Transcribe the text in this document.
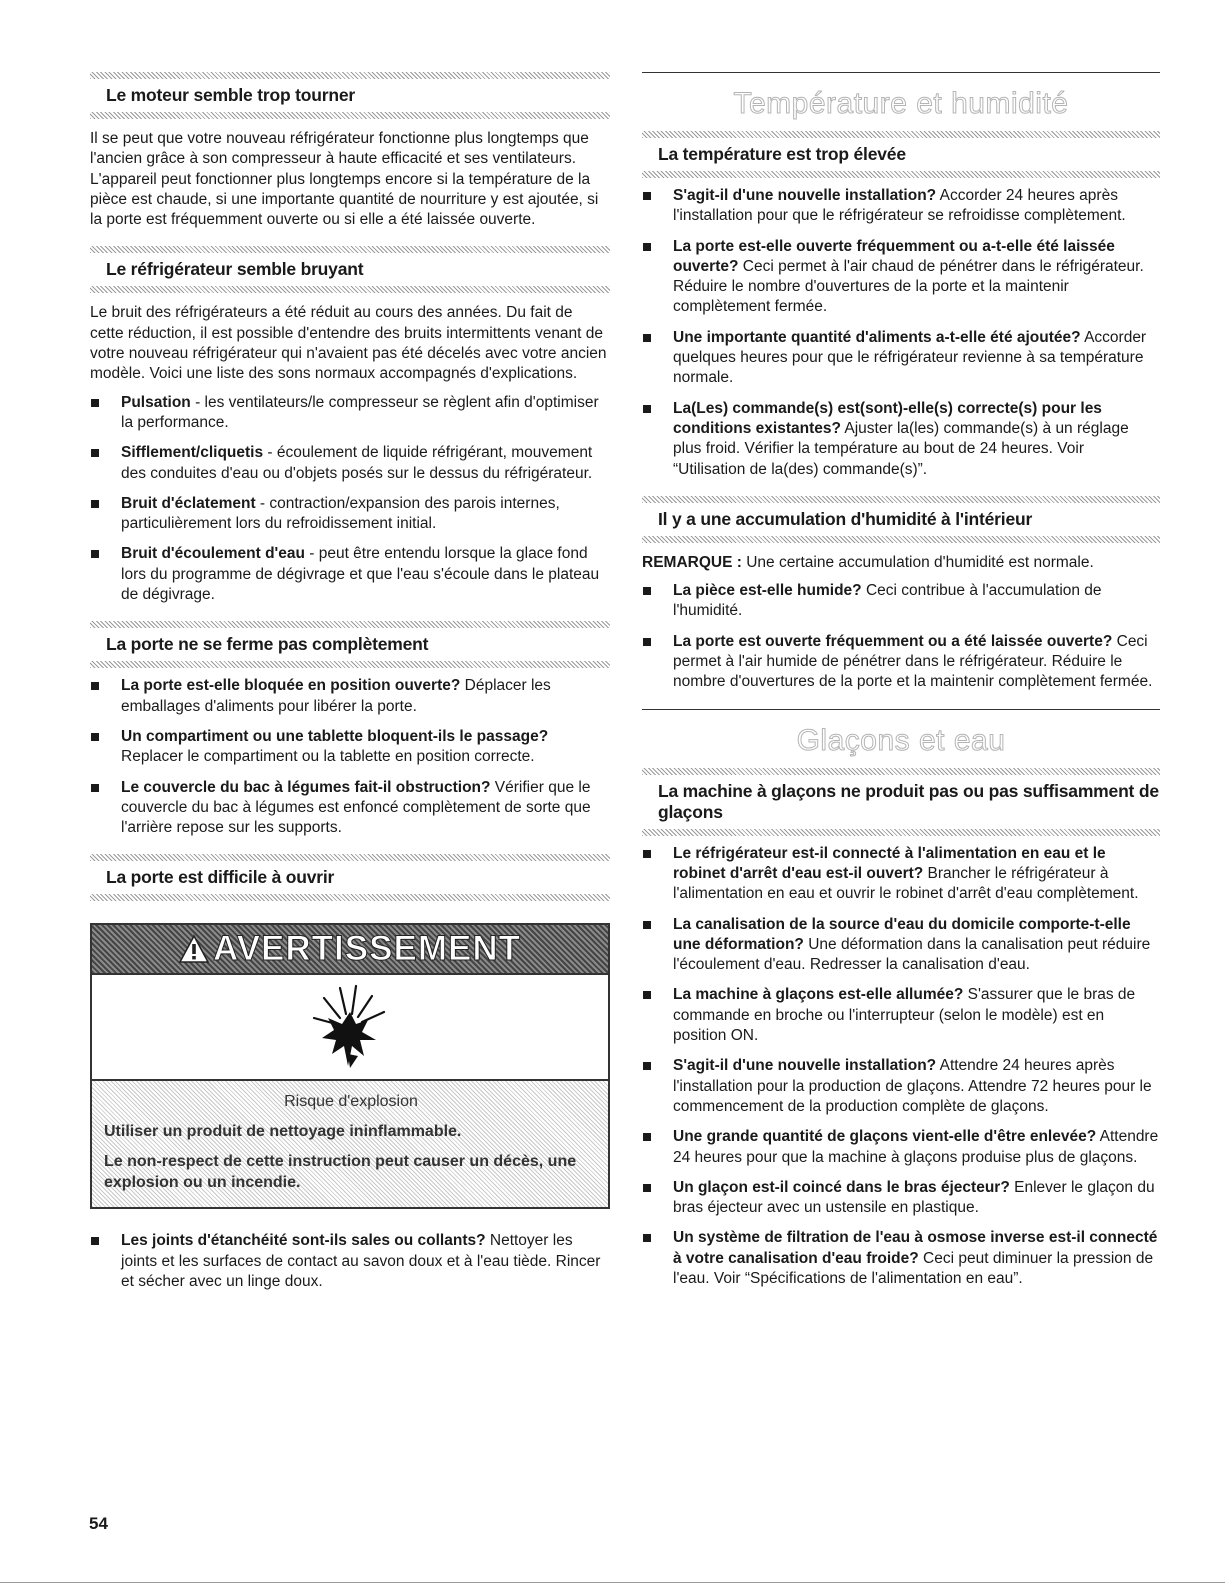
Le moteur semble trop tourner

Il se peut que votre nouveau réfrigérateur fonctionne plus longtemps que l'ancien grâce à son compresseur à haute efficacité et ses ventilateurs. L'appareil peut fonctionner plus longtemps encore si la température de la pièce est chaude, si une importante quantité de nourriture y est ajoutée, si la porte est fréquemment ouverte ou si elle a été laissée ouverte.

Le réfrigérateur semble bruyant

Le bruit des réfrigérateurs a été réduit au cours des années. Du fait de cette réduction, il est possible d'entendre des bruits intermittents venant de votre nouveau réfrigérateur qui n'avaient pas été décelés avec votre ancien modèle. Voici une liste des sons normaux accompagnés d'explications.

Pulsation - les ventilateurs/le compresseur se règlent afin d'optimiser la performance.
Sifflement/cliquetis - écoulement de liquide réfrigérant, mouvement des conduites d'eau ou d'objets posés sur le dessus du réfrigérateur.
Bruit d'éclatement - contraction/expansion des parois internes, particulièrement lors du refroidissement initial.
Bruit d'écoulement d'eau - peut être entendu lorsque la glace fond lors du programme de dégivrage et que l'eau s'écoule dans le plateau de dégivrage.
La porte ne se ferme pas complètement
La porte est-elle bloquée en position ouverte? Déplacer les emballages d'aliments pour libérer la porte.
Un compartiment ou une tablette bloquent-ils le passage? Replacer le compartiment ou la tablette en position correcte.
Le couvercle du bac à légumes fait-il obstruction? Vérifier que le couvercle du bac à légumes est enfoncé complètement de sorte que l'arrière repose sur les supports.
La porte est difficile à ouvrir
AVERTISSEMENT

Risque d'explosion

Utiliser un produit de nettoyage ininflammable.

Le non-respect de cette instruction peut causer un décès, une explosion ou un incendie.

Les joints d'étanchéité sont-ils sales ou collants? Nettoyer les joints et les surfaces de contact au savon doux et à l'eau tiède. Rincer et sécher avec un linge doux.
Température et humidité
La température est trop élevée
S'agit-il d'une nouvelle installation? Accorder 24 heures après l'installation pour que le réfrigérateur se refroidisse complètement.
La porte est-elle ouverte fréquemment ou a-t-elle été laissée ouverte? Ceci permet à l'air chaud de pénétrer dans le réfrigérateur. Réduire le nombre d'ouvertures de la porte et la maintenir complètement fermée.
Une importante quantité d'aliments a-t-elle été ajoutée? Accorder quelques heures pour que le réfrigérateur revienne à sa température normale.
La(Les) commande(s) est(sont)-elle(s) correcte(s) pour les conditions existantes? Ajuster la(les) commande(s) à un réglage plus froid. Vérifier la température au bout de 24 heures. Voir “Utilisation de la(des) commande(s)”.
Il y a une accumulation d'humidité à l'intérieur

REMARQUE : Une certaine accumulation d'humidité est normale.

La pièce est-elle humide? Ceci contribue à l'accumulation de l'humidité.
La porte est ouverte fréquemment ou a été laissée ouverte? Ceci permet à l'air humide de pénétrer dans le réfrigérateur. Réduire le nombre d'ouvertures de la porte et la maintenir complètement fermée.
Glaçons et eau
La machine à glaçons ne produit pas ou pas suffisamment de glaçons
Le réfrigérateur est-il connecté à l'alimentation en eau et le robinet d'arrêt d'eau est-il ouvert? Brancher le réfrigérateur à l'alimentation en eau et ouvrir le robinet d'arrêt d'eau complètement.
La canalisation de la source d'eau du domicile comporte-t-elle une déformation? Une déformation dans la canalisation peut réduire l'écoulement d'eau. Redresser la canalisation d'eau.
La machine à glaçons est-elle allumée? S'assurer que le bras de commande en broche ou l'interrupteur (selon le modèle) est en position ON.
S'agit-il d'une nouvelle installation? Attendre 24 heures après l'installation pour la production de glaçons. Attendre 72 heures pour le commencement de la production complète de glaçons.
Une grande quantité de glaçons vient-elle d'être enlevée? Attendre 24 heures pour que la machine à glaçons produise plus de glaçons.
Un glaçon est-il coincé dans le bras éjecteur? Enlever le glaçon du bras éjecteur avec un ustensile en plastique.
Un système de filtration de l'eau à osmose inverse est-il connecté à votre canalisation d'eau froide? Ceci peut diminuer la pression de l'eau. Voir “Spécifications de l'alimentation en eau”.
54
